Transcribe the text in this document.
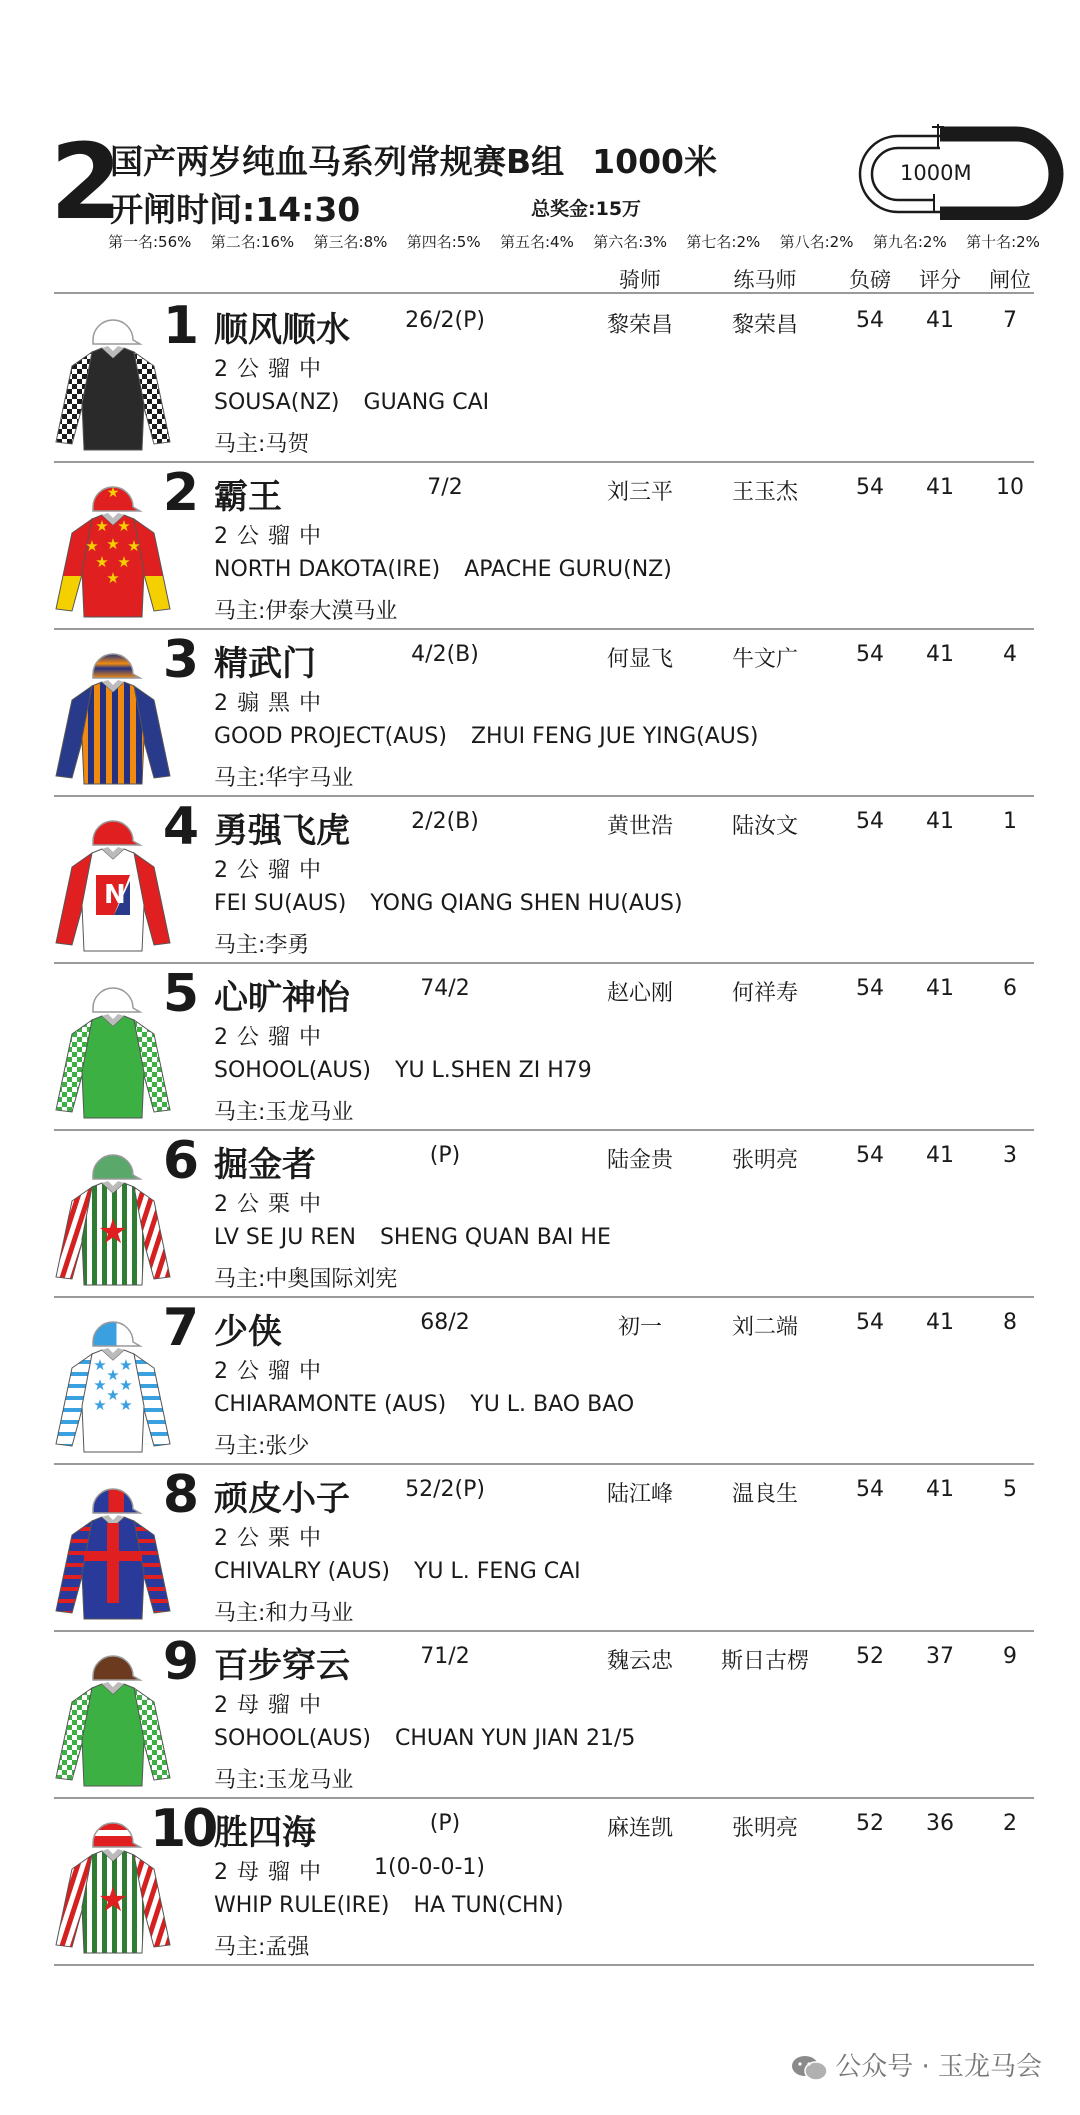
2
国产两岁纯血马系列常规赛B组 1000米
开闸时间:14:30	总奖金:15万
1000M
第一名:56% 第二名:16% 第三名:8% 第四名:5% 第五名:4% 第六名:3% 第七名:2% 第八名:2% 第九名:2% 第十名:2%
骑师	练马师	负磅	评分	闸位
1 顺风顺水	26/2(P)	黎荣昌	黎荣昌	54	41	7
2公骝中
SOUSA(NZ) GUANG CAI
马主:马贺
★
★ ★
★
★ ★
★
★ ★
2 霸王	7/2	刘三平	王玉杰	54	41	10
2公骝中
NORTH DAKOTA(IRE) APACHE GURU(NZ)
马主:伊泰大漠马业
3 精武门	4/2(B)	何显飞	牛文广	54	41	4
2骟黑中
GOOD PROJECT(AUS) ZHUI FENG JUE YING(AUS)
马主:华宇马业
N
4 勇强飞虎	2/2(B)	黄世浩	陆汝文	54	41	1
2公骝中
FEI SU(AUS) YONG QIANG SHEN HU(AUS)
马主:李勇
5 心旷神怡	74/2	赵心刚	何祥寿	54	41	6
2公骝中
SOHOOL(AUS) YU L.SHEN ZI H79
马主:玉龙马业
★
6 掘金者	(P)	陆金贵	张明亮	54	41	3
2公栗中
LV SE JU REN SHENG QUAN BAI HE
马主:中奥国际刘宪
★ ★
★ ★
★
★
★ ★
7 少侠	68/2	初一	刘二端	54	41	8
2公骝中
CHIARAMONTE (AUS) YU L. BAO BAO
马主:张少
8 顽皮小子	52/2(P)	陆江峰	温良生	54	41	5
2公栗中
CHIVALRY (AUS) YU L. FENG CAI
马主:和力马业
9 百步穿云	71/2	魏云忠	斯日古楞	52	37	9
2母骝中
SOHOOL(AUS) CHUAN YUN JIAN 21/5
马主:玉龙马业
★
10 胜四海	(P)	麻连凯	张明亮	52	36	2
2母骝中 1(0-0-0-1)
WHIP RULE(IRE) HA TUN(CHN)
马主:孟强
公众号 · 玉龙马会
